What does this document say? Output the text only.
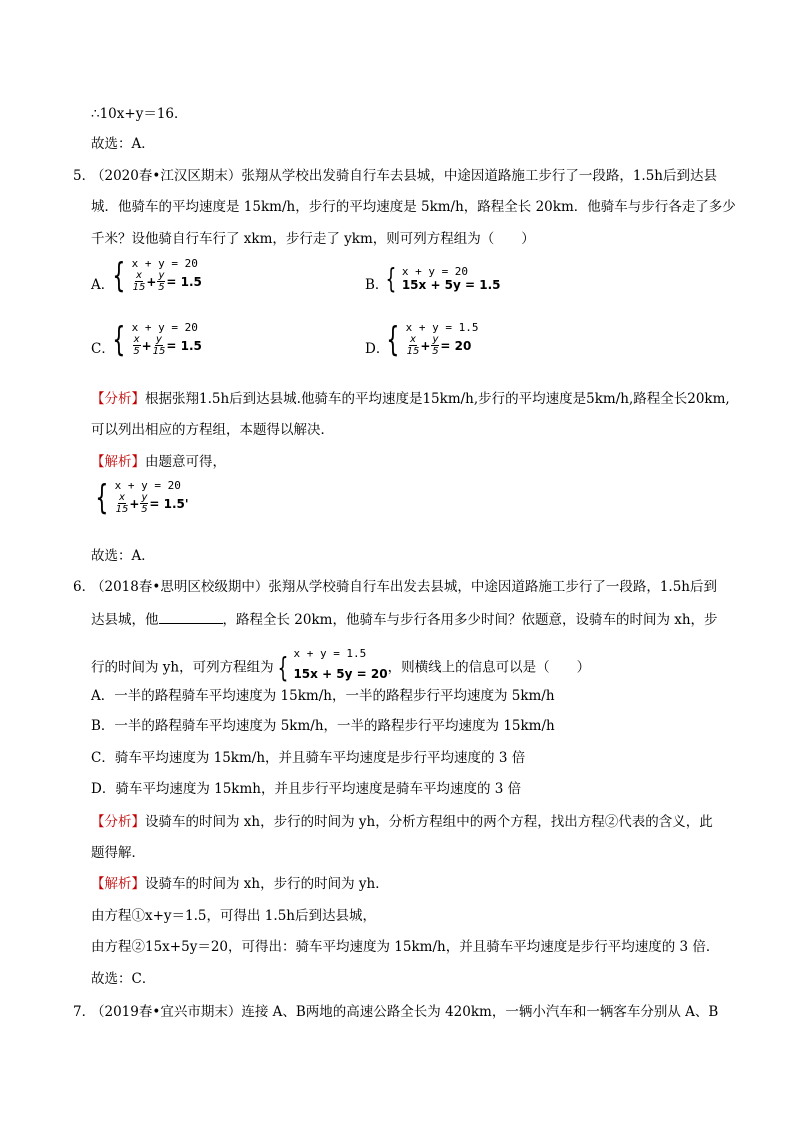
∴10x+y＝16．
故选：A．
5．
（2020春•江汉区期末）张翔从学校出发骑自行车去县城，中途因道路施工步行了一段路，1.5h后到达县
城．他骑车的平均速度是 15km/h，步行的平均速度是 5km/h，路程全长 20km．他骑车与步行各走了多少
千米？设他骑自行车行了 xkm，步行走了 ykm，则可列方程组为（　　）
A．
{ x + y = 20
$\frac{x}{15} + \frac{y}{5} = 1.5$	B．
{ x + y = 20
15x + 5y = 1.5
C．
{ x + y = 20
$\frac{x}{5} + \frac{y}{15} = 1.5$	D．
{ x + y = 1.5
$\frac{x}{15} + \frac{y}{5} = 20$
【分析】根据张翔1.5h后到达县城.他骑车的平均速度是15km/h,步行的平均速度是5km/h,路程全长20km,
可以列出相应的方程组，本题得以解决．
【解析】由题意可得，
{ x + y = 20
$\frac{x}{15} + \frac{y}{5} = 1.5'$
故选：A．
6．
（2018春•思明区校级期中）张翔从学校骑自行车出发去县城，中途因道路施工步行了一段路，1.5h后到
达县城，他	，路程全长 20km，他骑车与步行各用多少时间？依题意，设骑车的时间为 xh，步
行的时间为 yh，可列方程组为 { x + y = 1.5
15x + 5y = 20 ，则横线上的信息可以是（　　）
A．一半的路程骑车平均速度为 15km/h，一半的路程步行平均速度为 5km/h
B．一半的路程骑车平均速度为 5km/h，一半的路程步行平均速度为 15km/h
C．骑车平均速度为 15km/h，并且骑车平均速度是步行平均速度的 3 倍
D．骑车平均速度为 15kmh，并且步行平均速度是骑车平均速度的 3 倍
【分析】设骑车的时间为 xh，步行的时间为 yh，分析方程组中的两个方程，找出方程②代表的含义，此
题得解．
【解析】设骑车的时间为 xh，步行的时间为 yh．
由方程①x+y＝1.5，可得出 1.5h后到达县城，
由方程②15x+5y＝20，可得出：骑车平均速度为 15km/h，并且骑车平均速度是步行平均速度的 3 倍．
故选：C．
7．
（2019春•宜兴市期末）连接 A、B两地的高速公路全长为 420km，一辆小汽车和一辆客车分别从 A、B
